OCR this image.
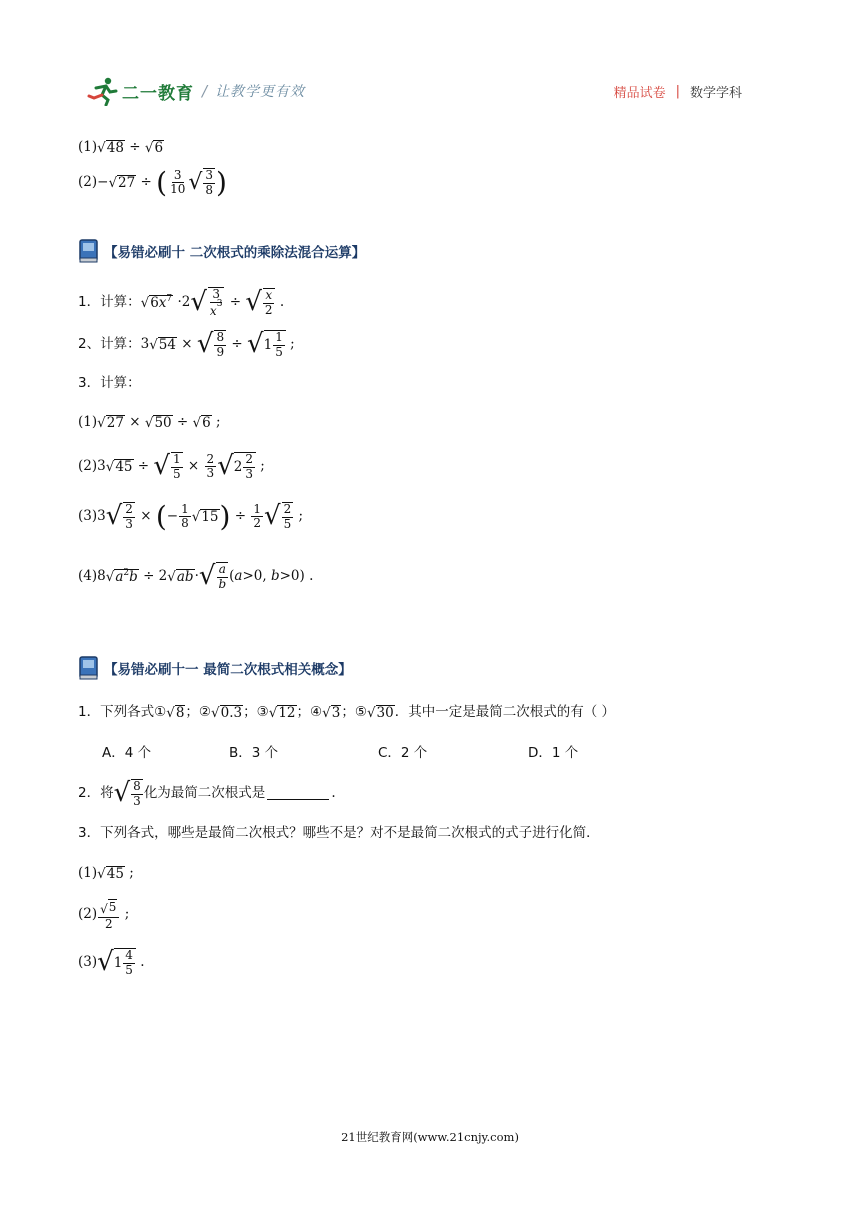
二一教育 / 让教学更有效	精品试卷 | 数学学科
(1) √ 48 ÷ √ 6
(2) − √ 27 ÷ ( $\frac{3}{10}$ √ $\frac{3}{8}$ )
【易错必刷十 二次根式的乘除法混合运算】
1．计算： √ 6 x 7 ·2 √ $\frac{3}{x^3}$ ÷ √ $\frac{x}{2}$ .
2、计算： 3 √ 54 × √ $\frac{8}{9}$ ÷ √ $1 \frac{1}{5}$ ;
3．计算：
(1) √ 27 × √ 50 ÷ √ 6 ;
(2) 3 √ 45 ÷ √ $\frac{1}{5} \times \frac{2}{3}$ √ $2 \frac{2}{3}$ ;
(3) 3 √ $\frac{2}{3}$ × ( − $\frac{1}{8}$ √ 15 ) ÷ $\frac{1}{2}$ √ $\frac{2}{5}$ ;
(4) 8 √ a 2 b ÷ 2 √ ab · √ $\frac{a}{b}$ ( a >0, b >0) .
【易错必刷十一 最简二次根式相关概念】
1．下列各式① √ 8 ；② √ 0.3 ；③ √ 12 ；④ √ 3 ；⑤ √ 30 ．其中一定是最简二次根式的有（ ）
A．4 个	B．3 个	C．2 个	D．1 个
2．将 √ $\frac{8}{3}$ 化为最简二次根式是	.
3．下列各式，哪些是最简二次根式？哪些不是？对不是最简二次根式的式子进行化简．
(1) √ 45 ;
$(2) \frac{√ 5}{2}$ ;
(3) √ $1 \frac{4}{5}$ .
21世纪教育网(www.21cnjy.com)
